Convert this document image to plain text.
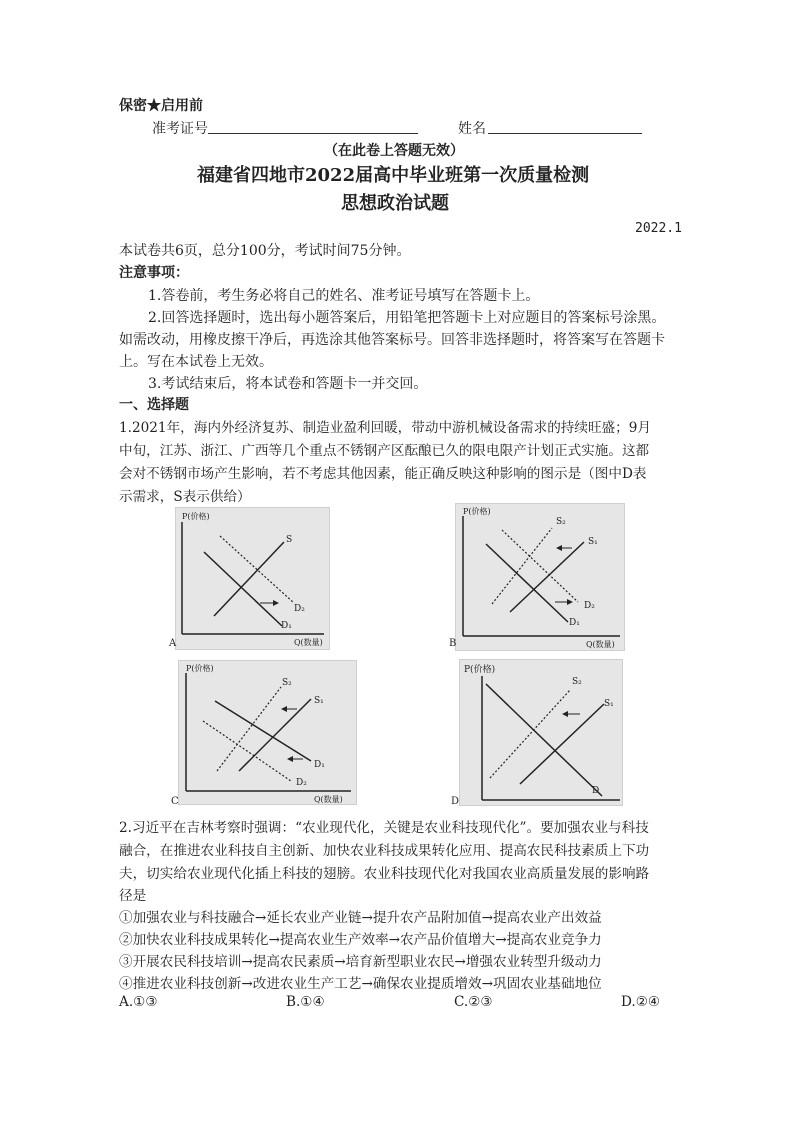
保密★启用前
准考证号	姓名
（在此卷上答题无效）
福建省四地市2022届高中毕业班第一次质量检测
思想政治试题
2022.1
本试卷共6页，总分100分，考试时间75分钟。
注意事项：
1.答卷前，考生务必将自己的姓名、准考证号填写在答题卡上。
2.回答选择题时，选出每小题答案后，用铅笔把答题卡上对应题目的答案标号涂黑。
如需改动，用橡皮擦干净后，再选涂其他答案标号。回答非选择题时，将答案写在答题卡
上。写在本试卷上无效。
3.考试结束后，将本试卷和答题卡一并交回。
一、选择题
1.2021年，海内外经济复苏、制造业盈利回暖，带动中游机械设备需求的持续旺盛；9月
中旬，江苏、浙江、广西等几个重点不锈钢产区酝酿已久的限电限产计划正式实施。这都
会对不锈钢市场产生影响，若不考虑其他因素，能正确反映这种影响的图示是（图中D表
示需求，S表示供给）
P(价格)
Q(数量)
S
D₂
D₁
A
P(价格)
Q(数量)
S₂
S₁
D₂
D₁
B
P(价格)
Q(数量)
S₂
S₁
D₁
D₂
C
P(价格)
S₂
S₁
D
D
2.习近平在吉林考察时强调：“农业现代化，关键是农业科技现代化”。要加强农业与科技
融合，在推进农业科技自主创新、加快农业科技成果转化应用、提高农民科技素质上下功
夫，切实给农业现代化插上科技的翅膀。农业科技现代化对我国农业高质量发展的影响路
径是
①加强农业与科技融合→延长农业产业链→提升农产品附加值→提高农业产出效益
②加快农业科技成果转化→提高农业生产效率→农产品价值增大→提高农业竞争力
③开展农民科技培训→提高农民素质→培育新型职业农民→增强农业转型升级动力
④推进农业科技创新→改进农业生产工艺→确保农业提质增效→巩固农业基础地位
A.①③	B.①④	C.②③	D.②④
